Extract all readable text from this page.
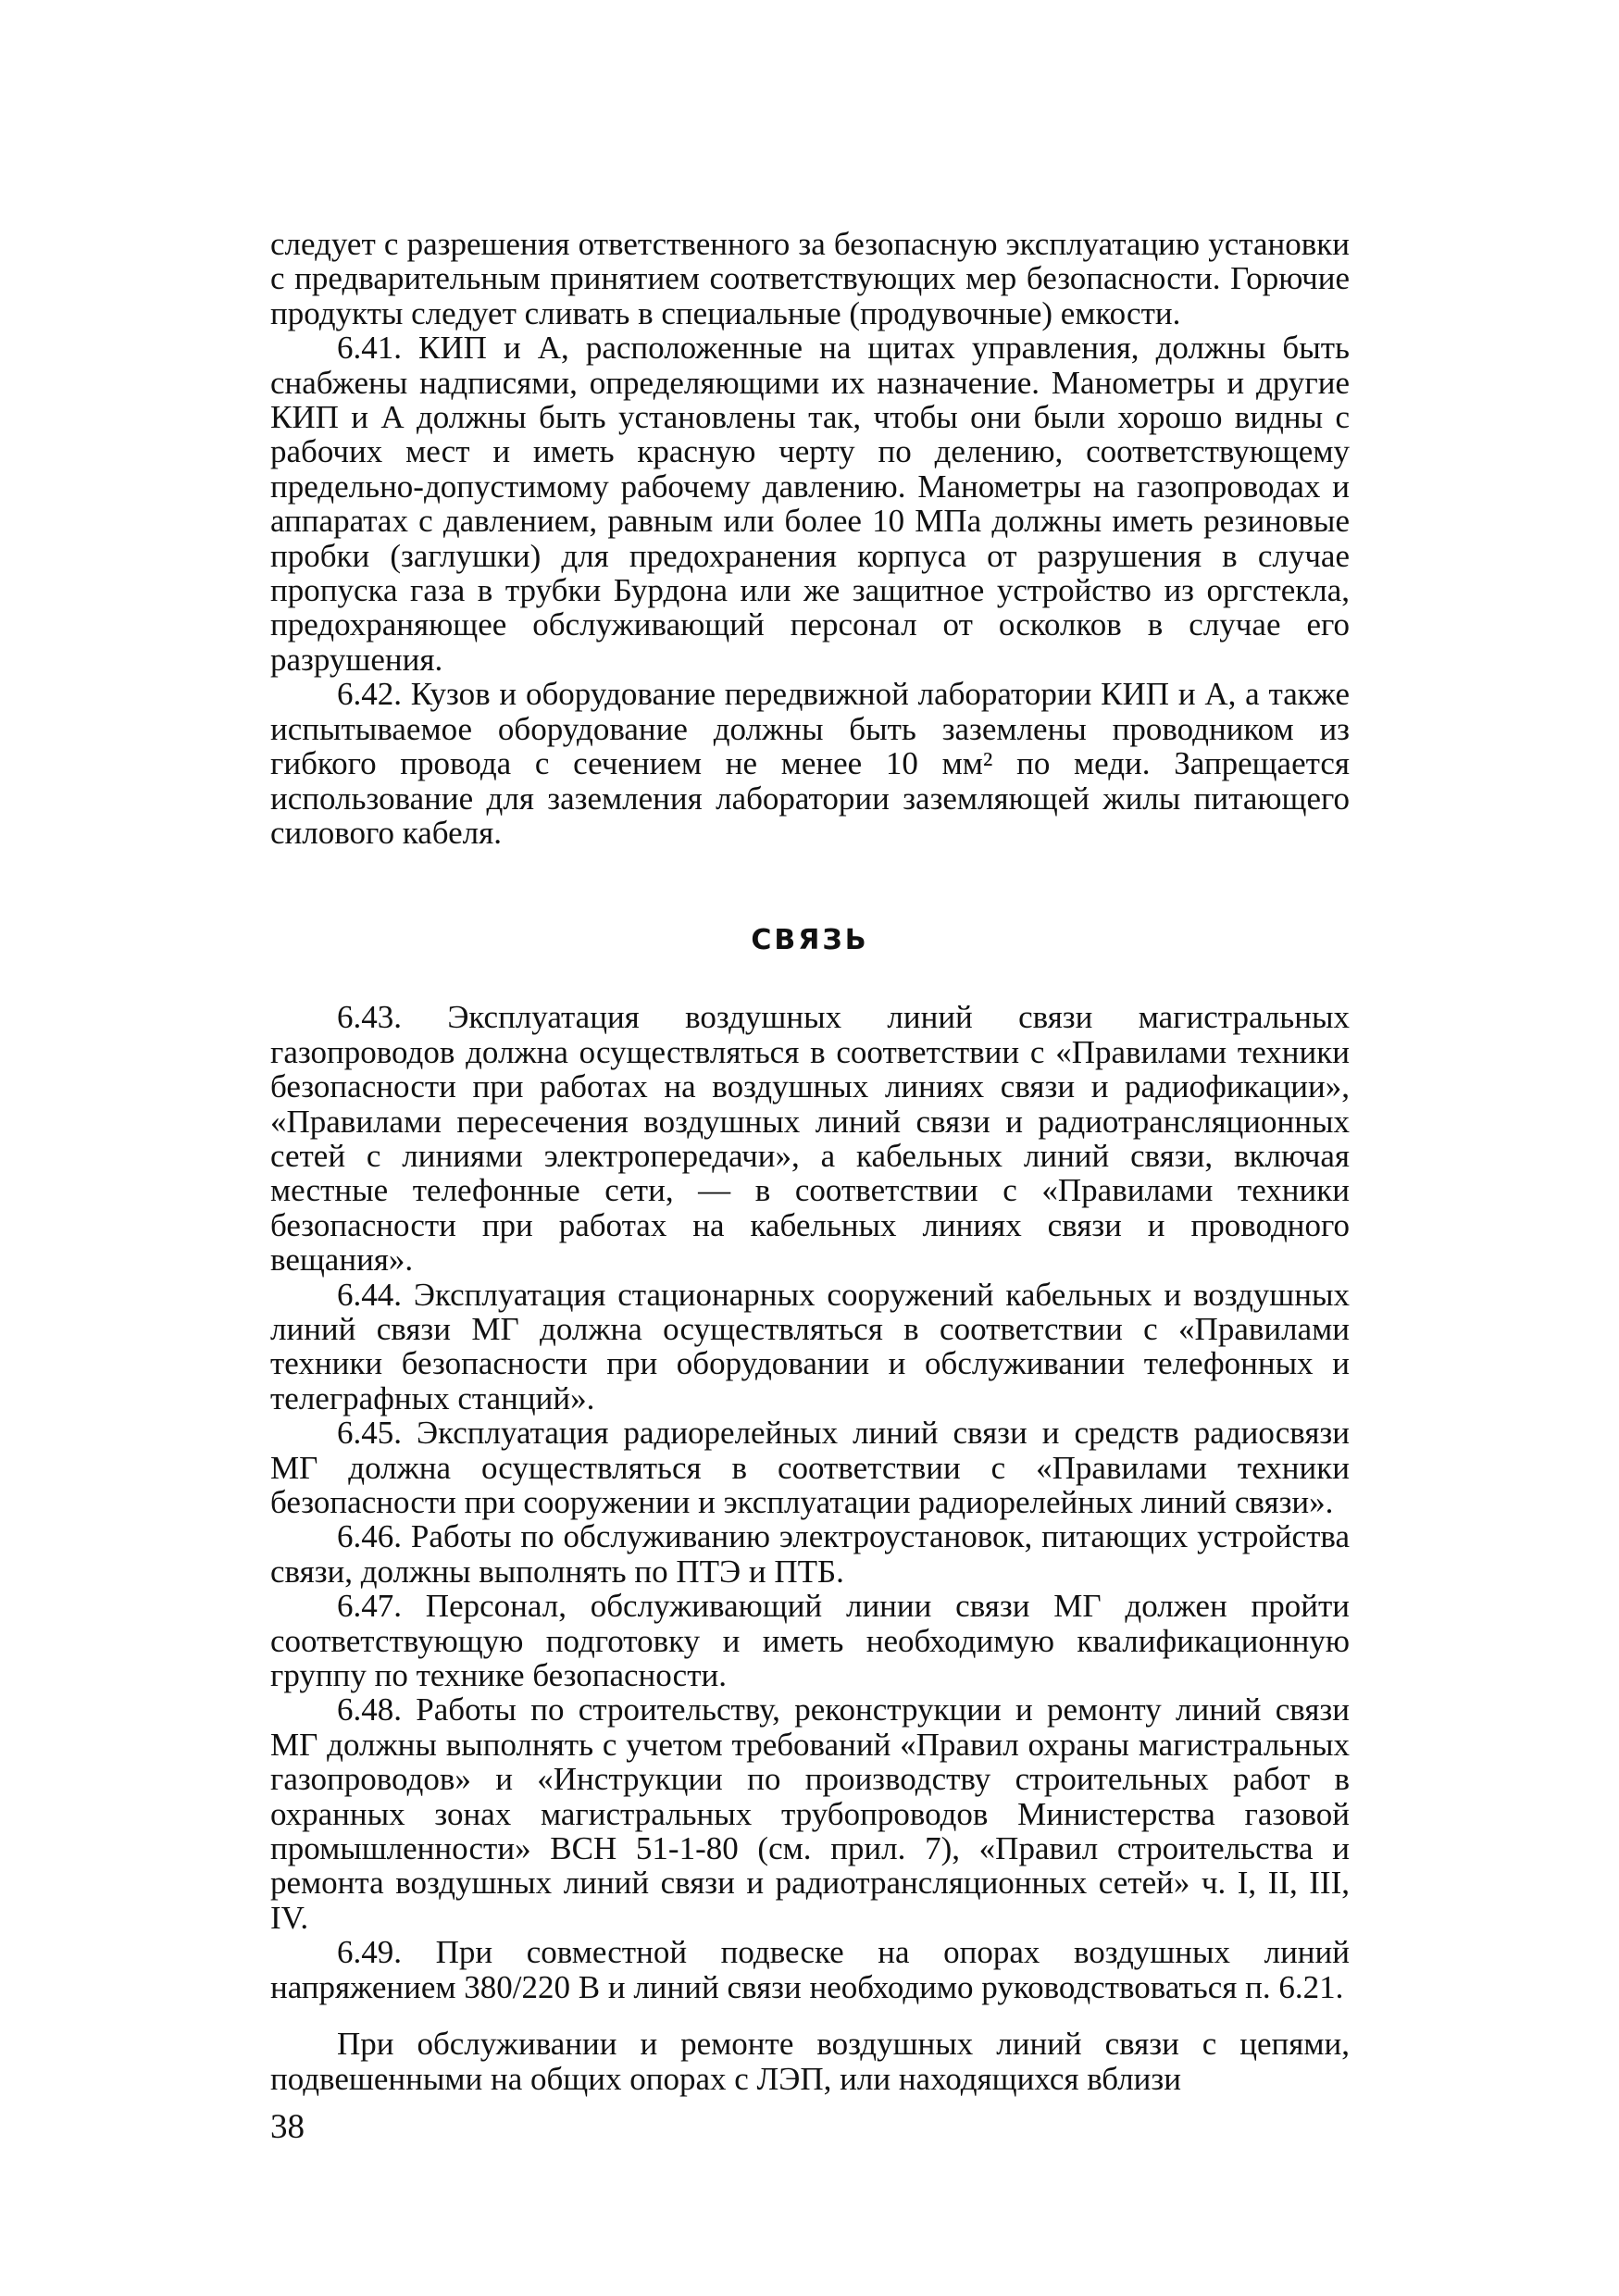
следует с разрешения ответственного за безопасную эксплуатацию установки с предварительным принятием соответствующих мер безопасности. Горючие продукты следует сливать в специальные (продувочные) емкости.

6.41. КИП и А, расположенные на щитах управления, должны быть снабжены надписями, определяющими их назначение. Манометры и другие КИП и А должны быть установлены так, чтобы они были хорошо видны с рабочих мест и иметь красную черту по делению, соответствующему предельно-допустимому рабочему давлению. Манометры на газопроводах и аппаратах с давлением, равным или более 10 МПа должны иметь резиновые пробки (заглушки) для предохранения корпуса от разрушения в случае пропуска газа в трубки Бурдона или же защитное устройство из оргстекла, предохраняющее обслуживающий персонал от осколков в случае его разрушения.

6.42. Кузов и оборудование передвижной лаборатории КИП и А, а также испытываемое оборудование должны быть заземлены проводником из гибкого провода с сечением не менее 10 мм² по меди. Запрещается использование для заземления лаборатории заземляющей жилы питающего силового кабеля.

СВЯЗЬ

6.43. Эксплуатация воздушных линий связи магистральных газопроводов должна осуществляться в соответствии с «Правилами техники безопасности при работах на воздушных линиях связи и радиофикации», «Правилами пересечения воздушных линий связи и радиотрансляционных сетей с линиями электропередачи», а кабельных линий связи, включая местные телефонные сети, — в соответствии с «Правилами техники безопасности при работах на кабельных линиях связи и проводного вещания».

6.44. Эксплуатация стационарных сооружений кабельных и воздушных линий связи МГ должна осуществляться в соответствии с «Правилами техники безопасности при оборудовании и обслуживании телефонных и телеграфных станций».

6.45. Эксплуатация радиорелейных линий связи и средств радиосвязи МГ должна осуществляться в соответствии с «Правилами техники безопасности при сооружении и эксплуатации радиорелейных линий связи».

6.46. Работы по обслуживанию электроустановок, питающих устройства связи, должны выполнять по ПТЭ и ПТБ.

6.47. Персонал, обслуживающий линии связи МГ должен пройти соответствующую подготовку и иметь необходимую квалификационную группу по технике безопасности.

6.48. Работы по строительству, реконструкции и ремонту линий связи МГ должны выполнять с учетом требований «Правил охраны магистральных газопроводов» и «Инструкции по производству строительных работ в охранных зонах магистральных трубопроводов Министерства газовой промышленности» ВСН 51-1-80 (см. прил. 7), «Правил строительства и ремонта воздушных линий связи и радиотрансляционных сетей» ч. I, II, III, IV.

6.49. При совместной подвеске на опорах воздушных линий напряжением 380/220 В и линий связи необходимо руководствоваться п. 6.21.

При обслуживании и ремонте воздушных линий связи с цепями, подвешенными на общих опорах с ЛЭП, или находящихся вблизи

38
